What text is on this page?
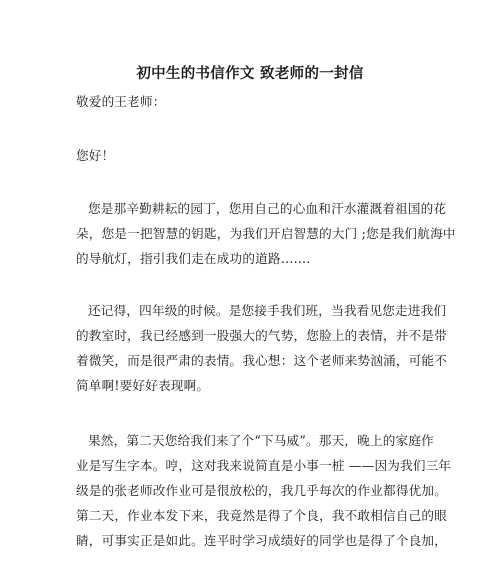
初中生的书信作文 致老师的一封信
敬爱的王老师：
您好！
您是那辛勤耕耘的园丁，您用自己的心血和汗水灌溉着祖国的花
朵，您是一把智慧的钥匙，为我们开启智慧的大门 ;您是我们航海中
的导航灯，指引我们走在成功的道路…….
还记得，四年级的时候。是您接手我们班，当我看见您走进我们
的教室时，我已经感到一股强大的气势，您脸上的表情，并不是带
着微笑，而是很严肃的表情。我心想：这个老师来势汹涌，可能不
简单啊!要好好表现啊。
果然，第二天您给我们来了个“下马威”。那天，晚上的家庭作
业是写生字本。哼，这对我来说简直是小事一桩 ——因为我们三年
级是的张老师改作业可是很放松的，我几乎每次的作业都得优加。
第二天，作业本发下来，我竟然是得了个良，我不敢相信自己的眼
睛，可事实正是如此。连平时学习成绩好的同学也是得了个良加，
